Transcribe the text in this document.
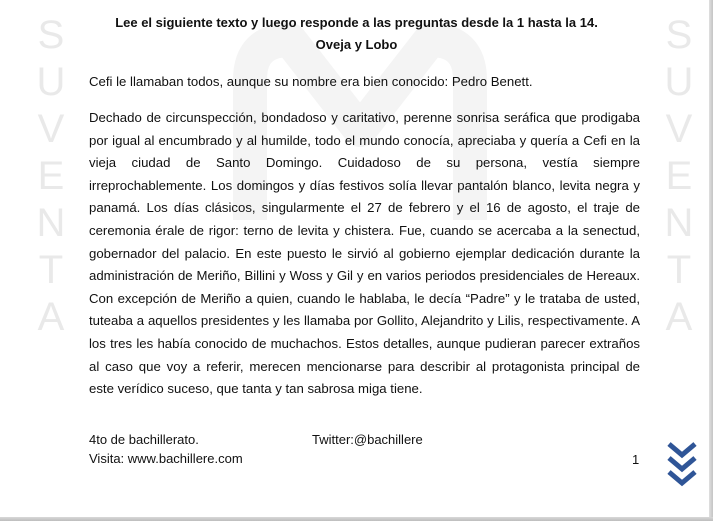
S
U
V
E
N
T
A
S
U
V
E
N
T
A
Lee el siguiente texto y luego responde a las preguntas desde la 1 hasta la 14.
Oveja y Lobo
Cefi le llamaban todos, aunque su nombre era bien conocido: Pedro Benett.
Dechado de circunspección, bondadoso y caritativo, perenne sonrisa seráfica que prodigaba por igual al encumbrado y al humilde, todo el mundo conocía, apreciaba y quería a Cefi en la vieja ciudad de Santo Domingo. Cuidadoso de su persona, vestía siempre irreprochablemente. Los domingos y días festivos solía llevar pantalón blanco, levita negra y panamá. Los días clásicos, singularmente el 27 de febrero y el 16 de agosto, el traje de ceremonia érale de rigor: terno de levita y chistera. Fue, cuando se acercaba a la senectud, gobernador del palacio. En este puesto le sirvió al gobierno ejemplar dedicación durante la administración de Meriño, Billini y Woss y Gil y en varios periodos presidenciales de Hereaux. Con excepción de Meriño a quien, cuando le hablaba, le decía “Padre” y le trataba de usted, tuteaba a aquellos presidentes y les llamaba por Gollito, Alejandrito y Lilis, respectivamente. A los tres les había conocido de muchachos. Estos detalles, aunque pudieran parecer extraños al caso que voy a referir, merecen mencionarse para describir al protagonista principal de este verídico suceso, que tanta y tan sabrosa miga tiene.
4to de bachillerato.
Visita: www.bachillere.com
Twitter:@bachillere
1
